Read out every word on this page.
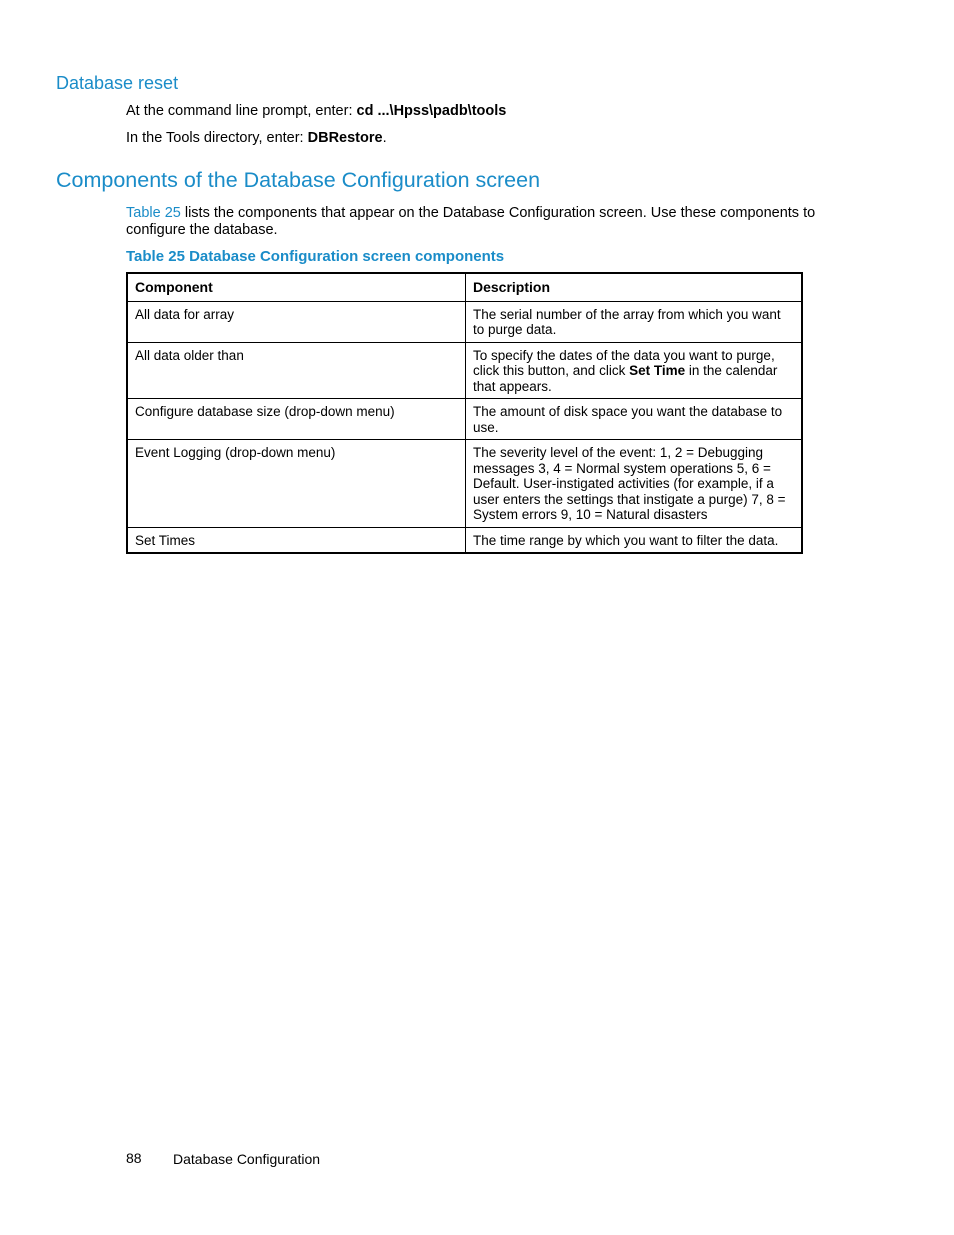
Database reset

At the command line prompt, enter: cd ...\Hpss\padb\tools

In the Tools directory, enter: DBRestore.

Components of the Database Configuration screen

Table 25 lists the components that appear on the Database Configuration screen. Use these components to configure the database.

Table 25 Database Configuration screen components

Component	Description
All data for array	The serial number of the array from which you want to purge data.
All data older than	To specify the dates of the data you want to purge, click this button, and click Set Time in the calendar that appears.
Configure database size (drop-down menu)	The amount of disk space you want the database to use.
Event Logging (drop-down menu)	The severity level of the event: 1, 2 = Debugging messages 3, 4 = Normal system operations 5, 6 = Default. User-instigated activities (for example, if a user enters the settings that instigate a purge) 7, 8 = System errors 9, 10 = Natural disasters
Set Times	The time range by which you want to filter the data.

88 Database Configuration
